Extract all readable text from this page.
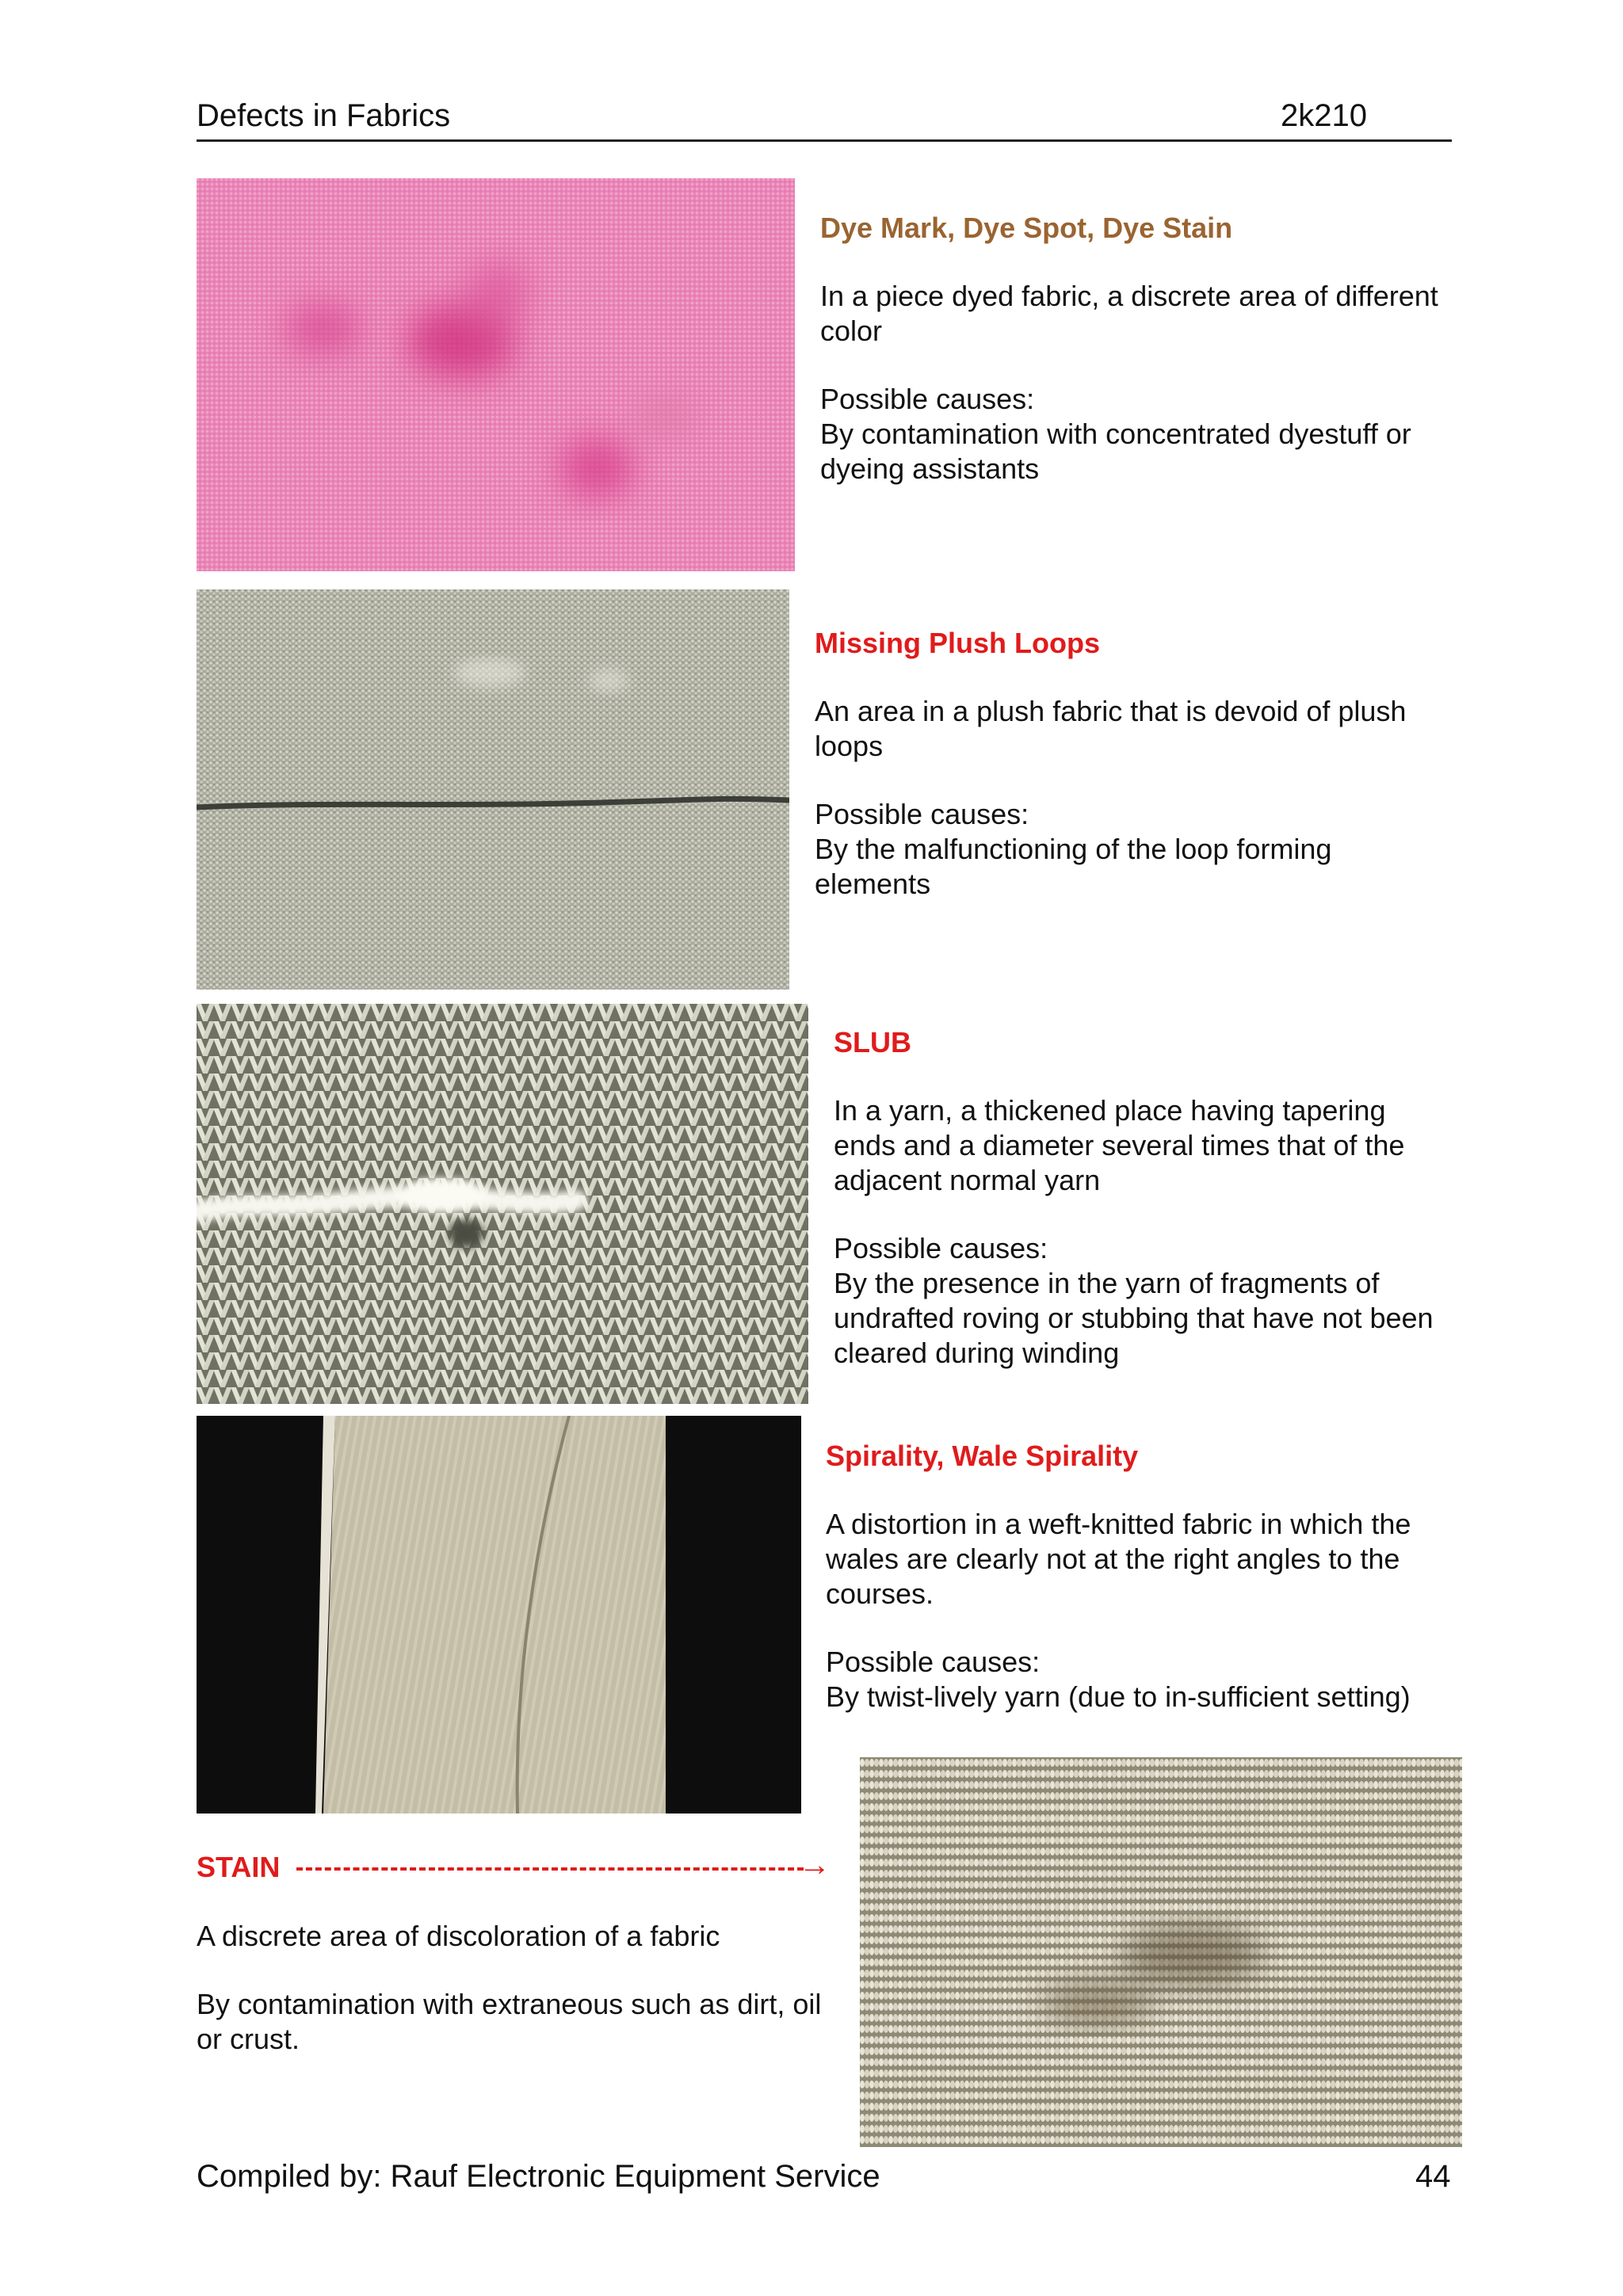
Defects in Fabrics	2k210
Dye Mark, Dye Spot, Dye Stain

In a piece dyed fabric, a discrete area of different color

Possible causes:
By contamination with concentrated dyestuff or dyeing assistants
Missing Plush Loops

An area in a plush fabric that is devoid of plush loops

Possible causes:
By the malfunctioning of the loop forming elements
SLUB

In a yarn, a thickened place having tapering ends and a diameter several times that of the adjacent normal yarn

Possible causes:
By the presence in the yarn of fragments of undrafted roving or stubbing that have not been cleared during winding
Spirality, Wale Spirality

A distortion in a weft-knitted fabric in which the wales are clearly not at the right angles to the courses.

Possible causes:
By twist-lively yarn (due to in-sufficient setting)
STAIN	→

A discrete area of discoloration of a fabric

By contamination with extraneous such as dirt, oil or crust.
Compiled by: Rauf Electronic Equipment Service	44
